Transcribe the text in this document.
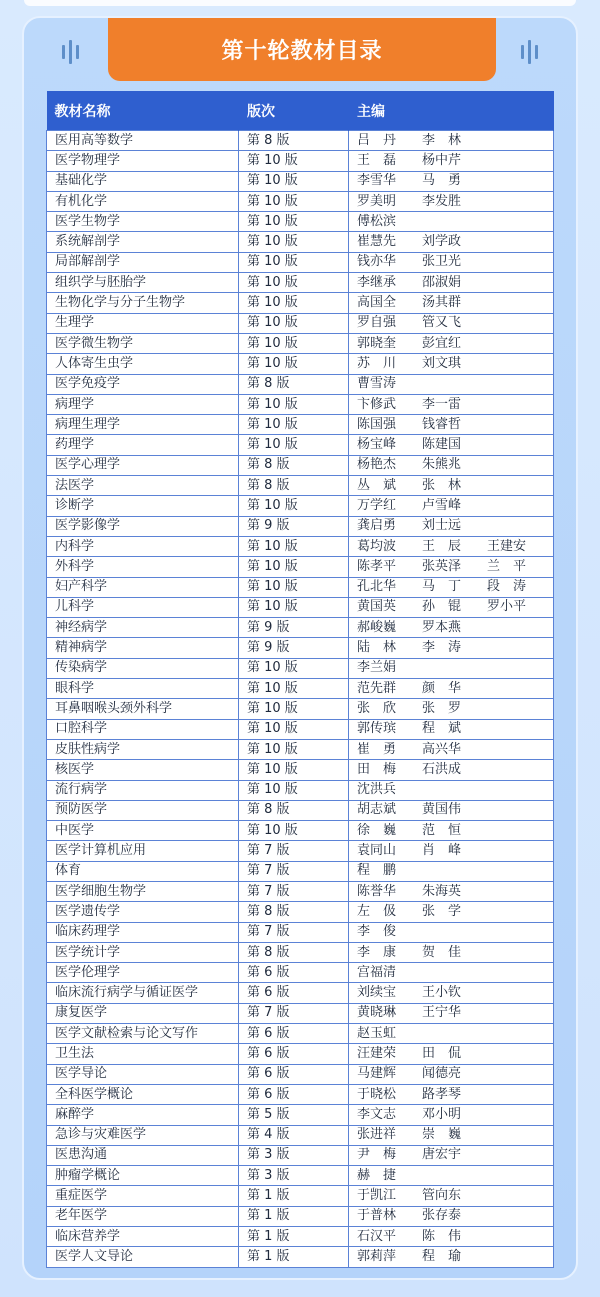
第十轮教材目录
教材名称	版次	主编
医用高等数学	第 8 版	吕　丹　　李　林
医学物理学	第 10 版	王　磊　　杨中芹
基础化学	第 10 版	李雪华　　马　勇
有机化学	第 10 版	罗美明　　李发胜
医学生物学	第 10 版	傅松滨
系统解剖学	第 10 版	崔慧先　　刘学政
局部解剖学	第 10 版	钱亦华　　张卫光
组织学与胚胎学	第 10 版	李继承　　邵淑娟
生物化学与分子生物学	第 10 版	高国全　　汤其群
生理学	第 10 版	罗自强　　管又飞
医学微生物学	第 10 版	郭晓奎　　彭宜红
人体寄生虫学	第 10 版	苏　川　　刘文琪
医学免疫学	第 8 版	曹雪涛
病理学	第 10 版	卞修武　　李一雷
病理生理学	第 10 版	陈国强　　钱睿哲
药理学	第 10 版	杨宝峰　　陈建国
医学心理学	第 8 版	杨艳杰　　朱熊兆
法医学	第 8 版	丛　斌　　张　林
诊断学	第 10 版	万学红　　卢雪峰
医学影像学	第 9 版	龚启勇　　刘士远
内科学	第 10 版	葛均波　　王　辰　　王建安
外科学	第 10 版	陈孝平　　张英泽　　兰　平
妇产科学	第 10 版	孔北华　　马　丁　　段　涛
儿科学	第 10 版	黄国英　　孙　锟　　罗小平
神经病学	第 9 版	郝峻巍　　罗本燕
精神病学	第 9 版	陆　林　　李　涛
传染病学	第 10 版	李兰娟
眼科学	第 10 版	范先群　　颜　华
耳鼻咽喉头颈外科学	第 10 版	张　欣　　张　罗
口腔科学	第 10 版	郭传瑸　　程　斌
皮肤性病学	第 10 版	崔　勇　　高兴华
核医学	第 10 版	田　梅　　石洪成
流行病学	第 10 版	沈洪兵
预防医学	第 8 版	胡志斌　　黄国伟
中医学	第 10 版	徐　巍　　范　恒
医学计算机应用	第 7 版	袁同山　　肖　峰
体育	第 7 版	程　鹏
医学细胞生物学	第 7 版	陈誉华　　朱海英
医学遗传学	第 8 版	左　伋　　张　学
临床药理学	第 7 版	李　俊
医学统计学	第 8 版	李　康　　贺　佳
医学伦理学	第 6 版	宫福清
临床流行病学与循证医学	第 6 版	刘续宝　　王小钦
康复医学	第 7 版	黄晓琳　　王宁华
医学文献检索与论文写作	第 6 版	赵玉虹
卫生法	第 6 版	汪建荣　　田　侃
医学导论	第 6 版	马建辉　　闻德亮
全科医学概论	第 6 版	于晓松　　路孝琴
麻醉学	第 5 版	李文志　　邓小明
急诊与灾难医学	第 4 版	张进祥　　崇　巍
医患沟通	第 3 版	尹　梅　　唐宏宇
肿瘤学概论	第 3 版	赫　捷
重症医学	第 1 版	于凯江　　管向东
老年医学	第 1 版	于普林　　张存泰
临床营养学	第 1 版	石汉平　　陈　伟
医学人文导论	第 1 版	郭莉萍　　程　瑜
